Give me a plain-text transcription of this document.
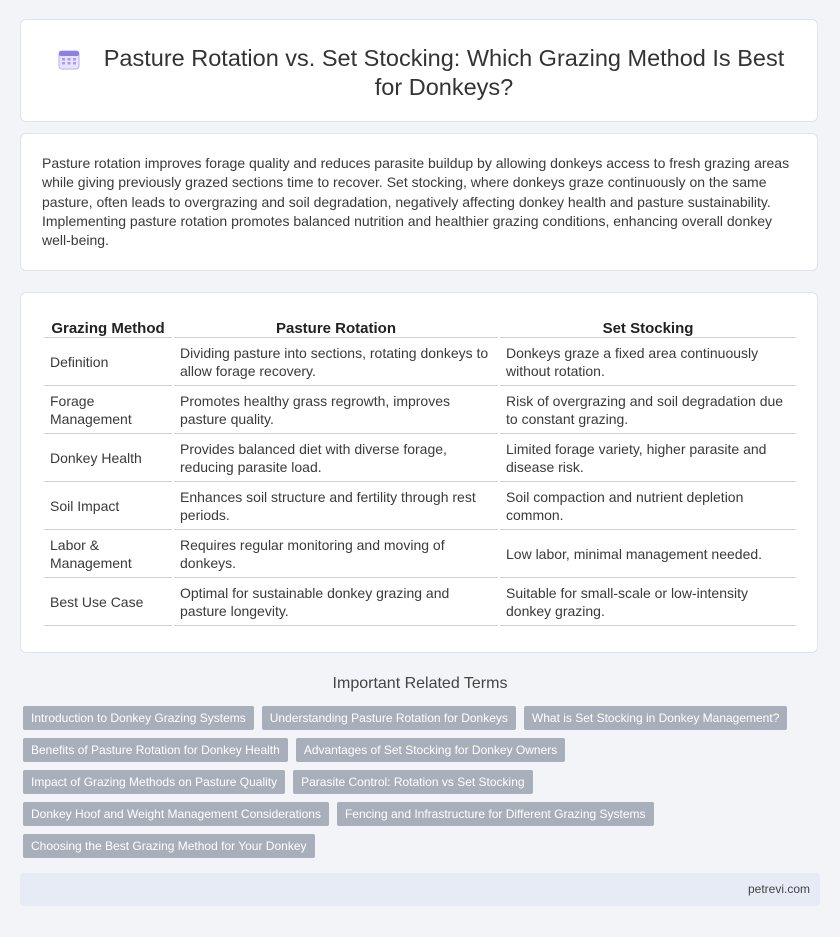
Pasture Rotation vs. Set Stocking: Which Grazing Method Is Best for Donkeys?

Pasture rotation improves forage quality and reduces parasite buildup by allowing donkeys access to fresh grazing areas while giving previously grazed sections time to recover. Set stocking, where donkeys graze continuously on the same pasture, often leads to overgrazing and soil degradation, negatively affecting donkey health and pasture sustainability. Implementing pasture rotation promotes balanced nutrition and healthier grazing conditions, enhancing overall donkey well-being.

Grazing Method	Pasture Rotation	Set Stocking
Definition	Dividing pasture into sections, rotating donkeys to allow forage recovery.	Donkeys graze a fixed area continuously without rotation.
Forage Management	Promotes healthy grass regrowth, improves pasture quality.	Risk of overgrazing and soil degradation due to constant grazing.
Donkey Health	Provides balanced diet with diverse forage, reducing parasite load.	Limited forage variety, higher parasite and disease risk.
Soil Impact	Enhances soil structure and fertility through rest periods.	Soil compaction and nutrient depletion common.
Labor & Management	Requires regular monitoring and moving of donkeys.	Low labor, minimal management needed.
Best Use Case	Optimal for sustainable donkey grazing and pasture longevity.	Suitable for small-scale or low-intensity donkey grazing.
Important Related Terms
Introduction to Donkey Grazing Systems	Understanding Pasture Rotation for Donkeys	What is Set Stocking in Donkey Management?
Benefits of Pasture Rotation for Donkey Health	Advantages of Set Stocking for Donkey Owners
Impact of Grazing Methods on Pasture Quality	Parasite Control: Rotation vs Set Stocking
Donkey Hoof and Weight Management Considerations	Fencing and Infrastructure for Different Grazing Systems
Choosing the Best Grazing Method for Your Donkey
petrevi.com
